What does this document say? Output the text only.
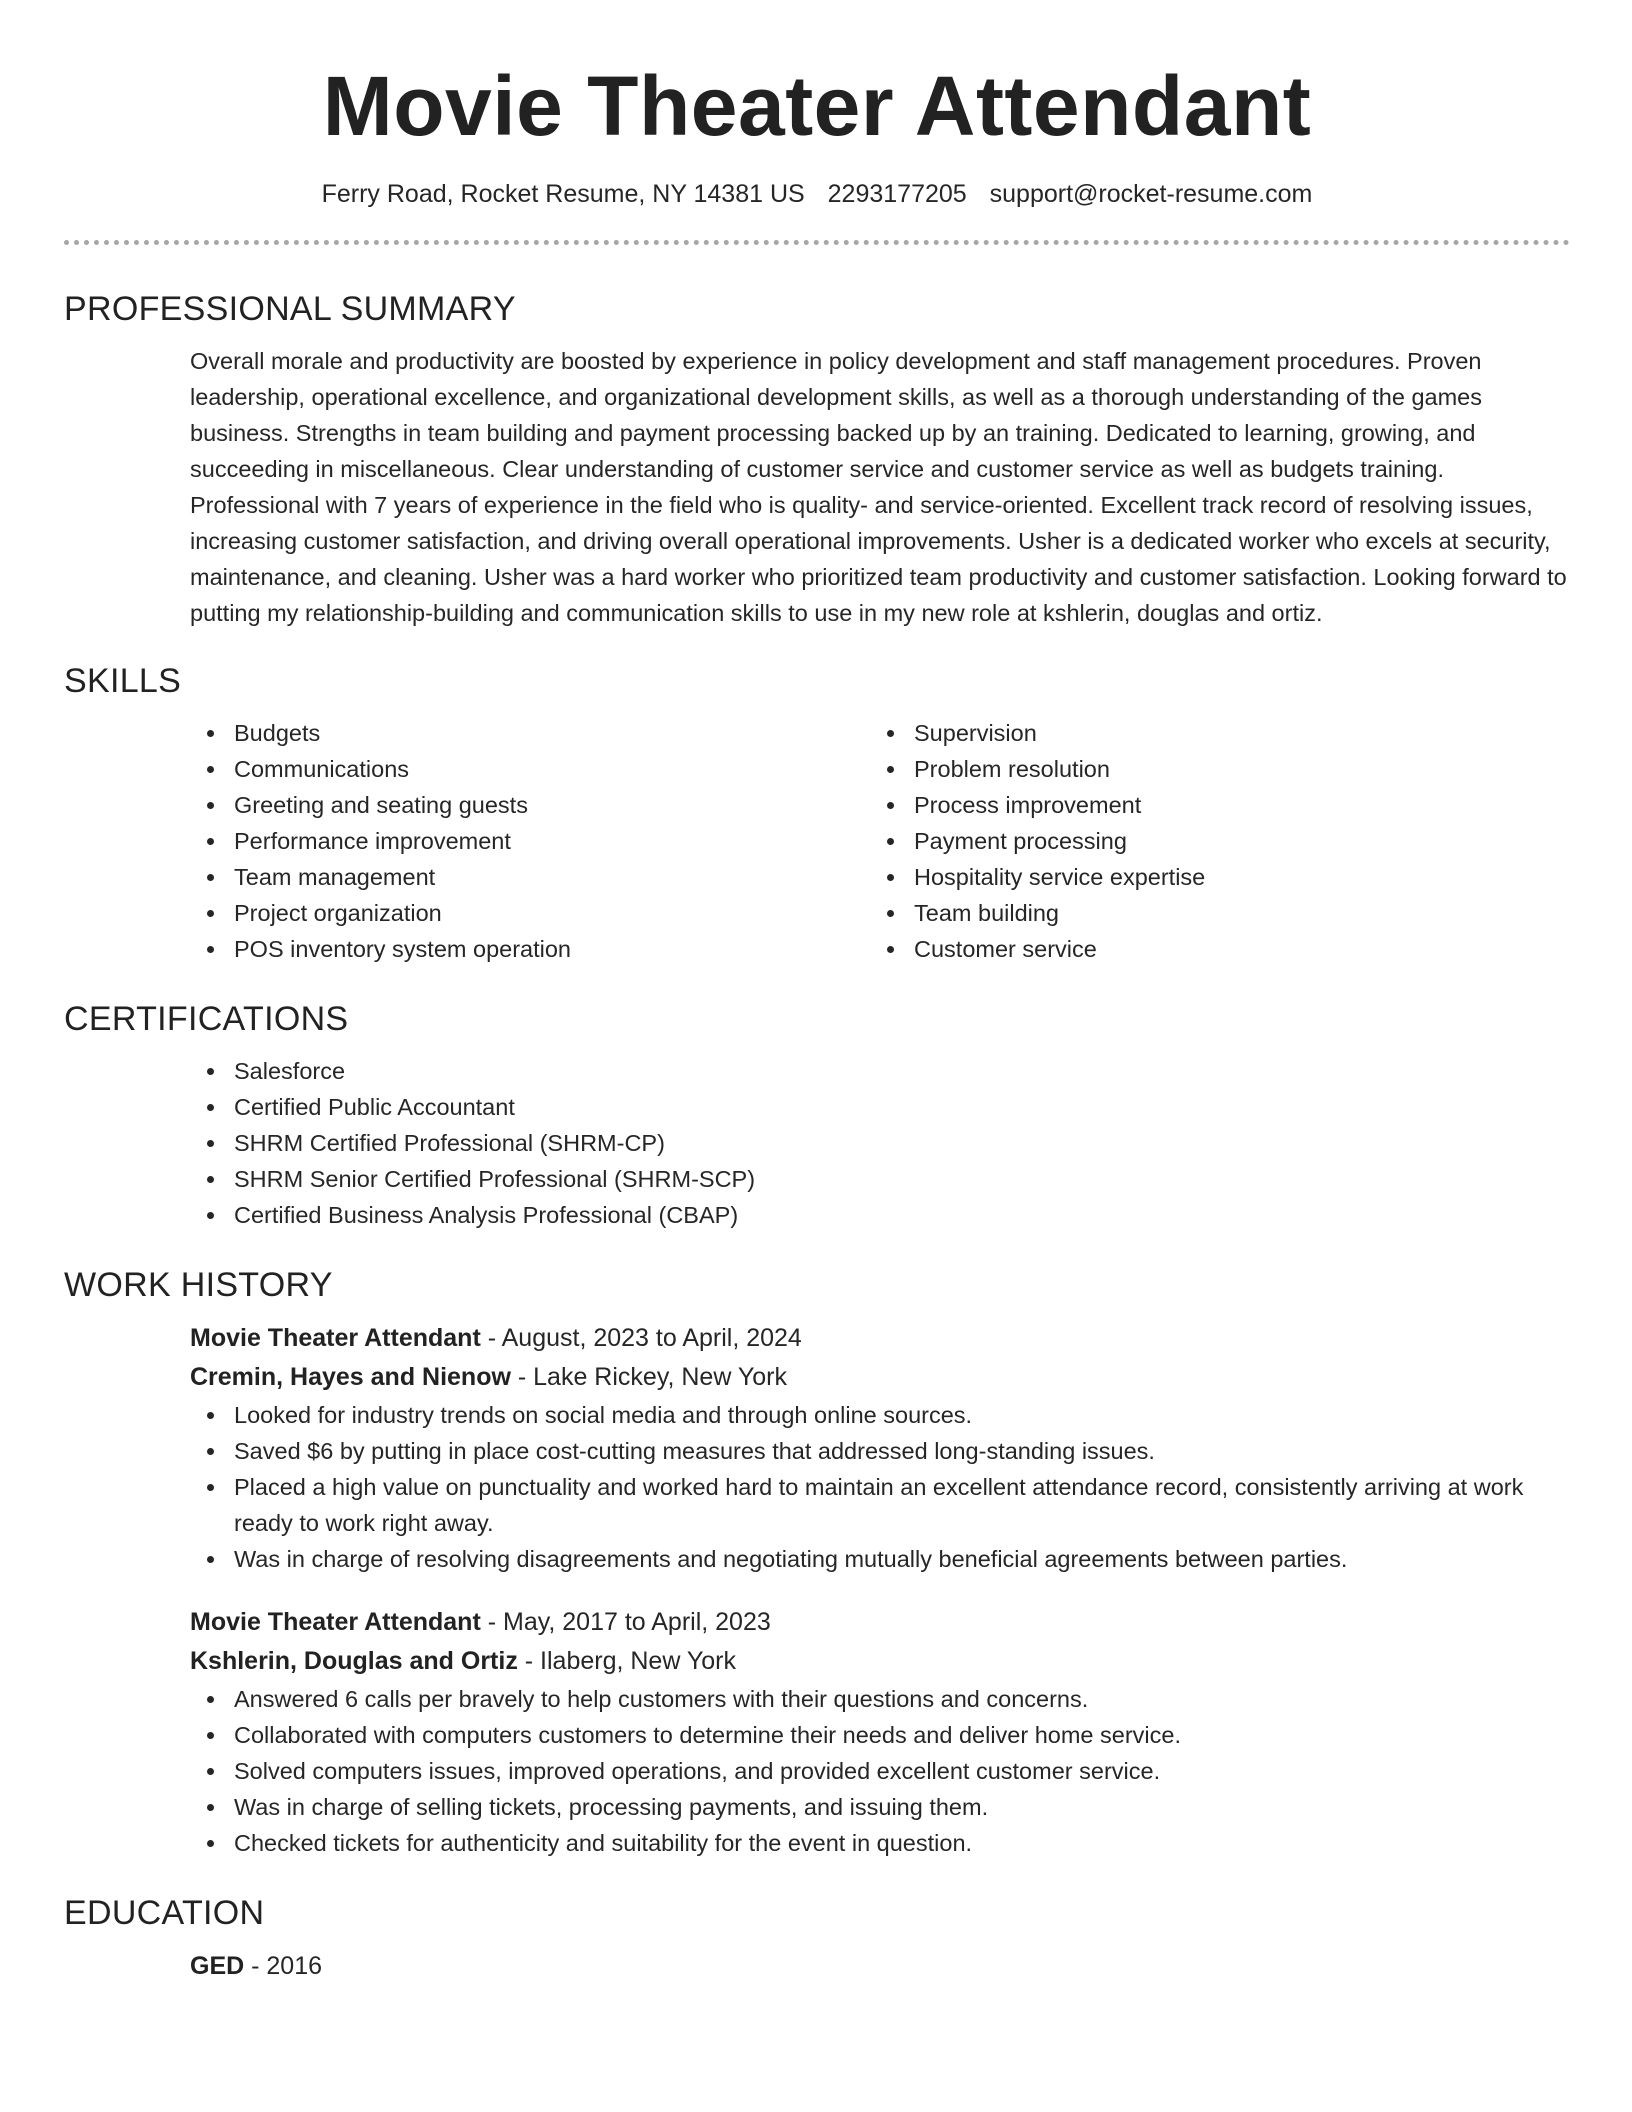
Movie Theater Attendant
Ferry Road, Rocket Resume, NY 14381 US 2293177205 support@rocket-resume.com
PROFESSIONAL SUMMARY

Overall morale and productivity are boosted by experience in policy development and staff management procedures. Proven leadership, operational excellence, and organizational development skills, as well as a thorough understanding of the games business. Strengths in team building and payment processing backed up by an training. Dedicated to learning, growing, and succeeding in miscellaneous. Clear understanding of customer service and customer service as well as budgets training. Professional with 7 years of experience in the field who is quality- and service-oriented. Excellent track record of resolving issues, increasing customer satisfaction, and driving overall operational improvements. Usher is a dedicated worker who excels at security, maintenance, and cleaning. Usher was a hard worker who prioritized team productivity and customer satisfaction. Looking forward to putting my relationship-building and communication skills to use in my new role at kshlerin, douglas and ortiz.

SKILLS
Budgets
Communications
Greeting and seating guests
Performance improvement
Team management
Project organization
POS inventory system operation
Supervision
Problem resolution
Process improvement
Payment processing
Hospitality service expertise
Team building
Customer service
CERTIFICATIONS
Salesforce
Certified Public Accountant
SHRM Certified Professional (SHRM-CP)
SHRM Senior Certified Professional (SHRM-SCP)
Certified Business Analysis Professional (CBAP)
WORK HISTORY
Movie Theater Attendant - August, 2023 to April, 2024
Cremin, Hayes and Nienow - Lake Rickey, New York
Looked for industry trends on social media and through online sources.
Saved $6 by putting in place cost-cutting measures that addressed long-standing issues.
Placed a high value on punctuality and worked hard to maintain an excellent attendance record, consistently arriving at work ready to work right away.
Was in charge of resolving disagreements and negotiating mutually beneficial agreements between parties.
Movie Theater Attendant - May, 2017 to April, 2023
Kshlerin, Douglas and Ortiz - Ilaberg, New York
Answered 6 calls per bravely to help customers with their questions and concerns.
Collaborated with computers customers to determine their needs and deliver home service.
Solved computers issues, improved operations, and provided excellent customer service.
Was in charge of selling tickets, processing payments, and issuing them.
Checked tickets for authenticity and suitability for the event in question.
EDUCATION
GED - 2016
